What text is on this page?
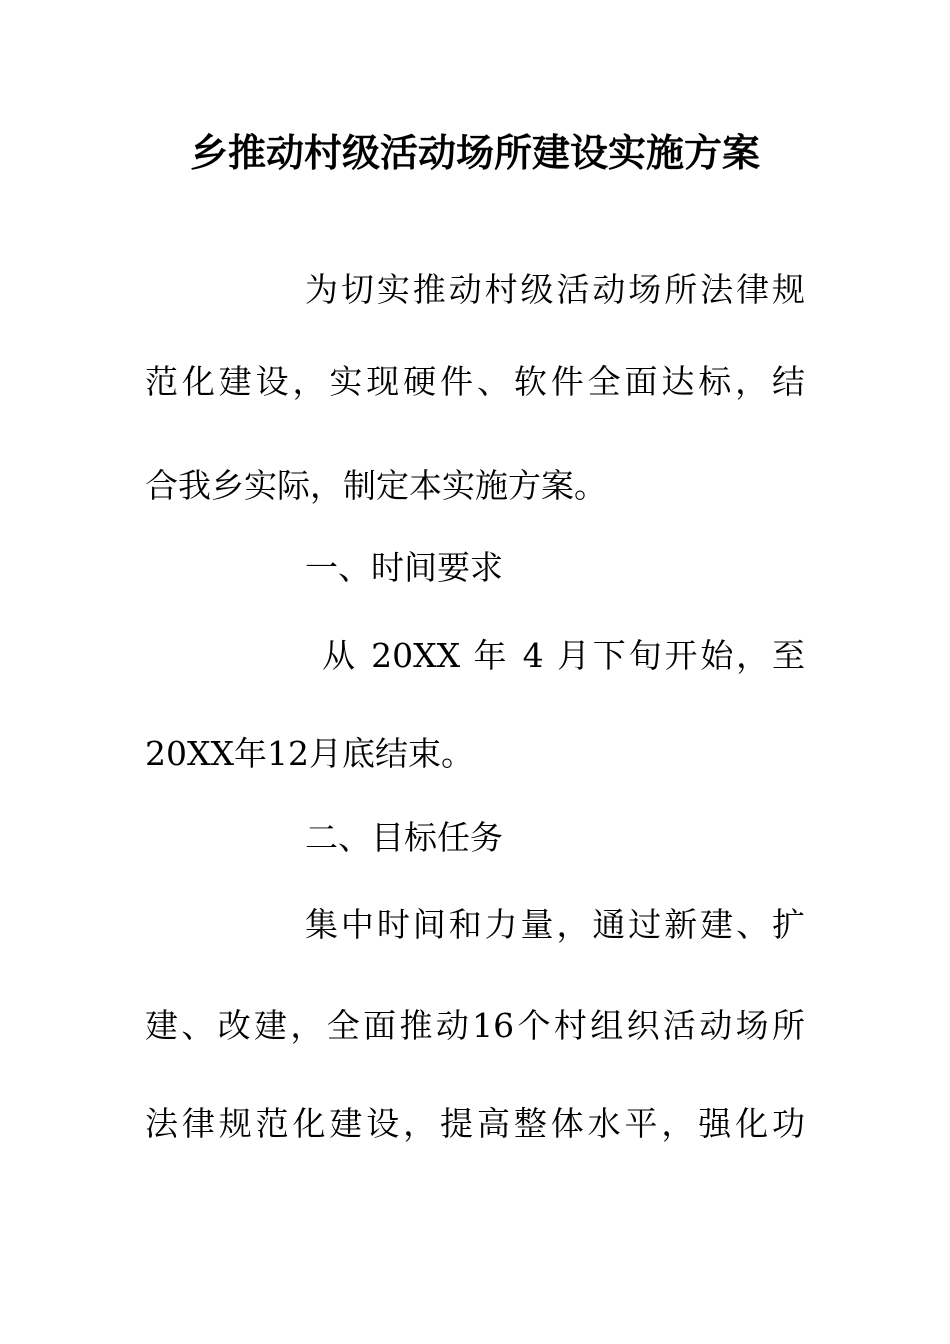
乡推动村级活动场所建设实施方案
为切实推动村级活动场所法律规
范化建设，实现硬件、软件全面达标，结
合我乡实际，制定本实施方案。
一、时间要求
从 20XX 年 4 月下旬开始，至
20XX年12月底结束。
二、目标任务
集中时间和力量，通过新建、扩
建、改建，全面推动16个村组织活动场所
法律规范化建设，提高整体水平，强化功
